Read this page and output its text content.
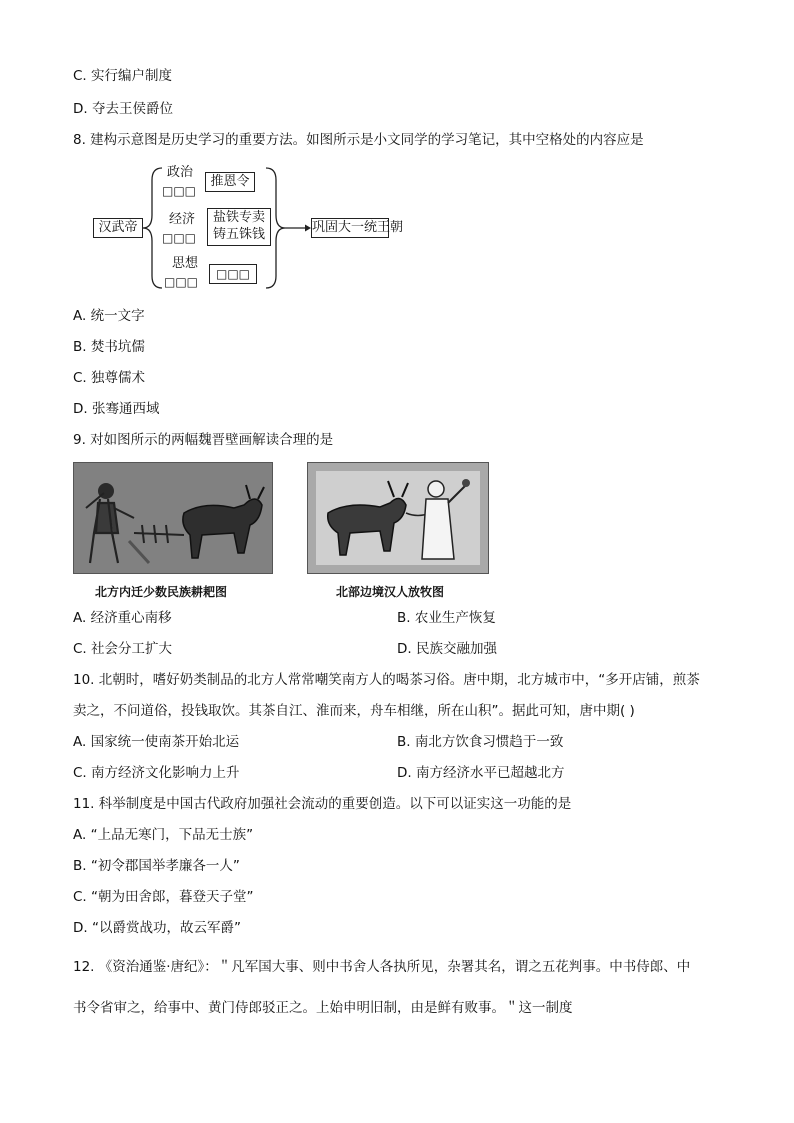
C. 实行编户制度
D. 夺去王侯爵位
8. 建构示意图是历史学习的重要方法。如图所示是小文同学的学习笔记，其中空格处的内容应是
汉武帝
政治
□□□
推恩令
经济
□□□
盐铁专卖
铸五铢钱
思想
□□□
□□□
巩固大一统王朝
A. 统一文字
B. 焚书坑儒
C. 独尊儒术
D. 张骞通西域
9. 对如图所示的两幅魏晋壁画解读合理的是
北方内迁少数民族耕耙图	北部边境汉人放牧图
A. 经济重心南移	B. 农业生产恢复
C. 社会分工扩大	D. 民族交融加强
10. 北朝时，嗜好奶类制品的北方人常常嘲笑南方人的喝茶习俗。唐中期，北方城市中，“多开店铺，煎茶
卖之，不问道俗，投钱取饮。其茶自江、淮而来，舟车相继，所在山积”。据此可知，唐中期( )
A. 国家统一使南茶开始北运	B. 南北方饮食习惯趋于一致
C. 南方经济文化影响力上升	D. 南方经济水平已超越北方
11. 科举制度是中国古代政府加强社会流动的重要创造。以下可以证实这一功能的是
A. “上品无寒门，下品无士族”
B. “初令郡国举孝廉各一人”
C. “朝为田舍郎，暮登天子堂”
D. “以爵赏战功，故云军爵”
12. 《资治通鉴·唐纪》：＂凡军国大事、则中书舍人各执所见，杂署其名，谓之五花判事。中书侍郎、中
书令省审之，给事中、黄门侍郎驳正之。上始申明旧制，由是鲜有败事。＂这一制度
